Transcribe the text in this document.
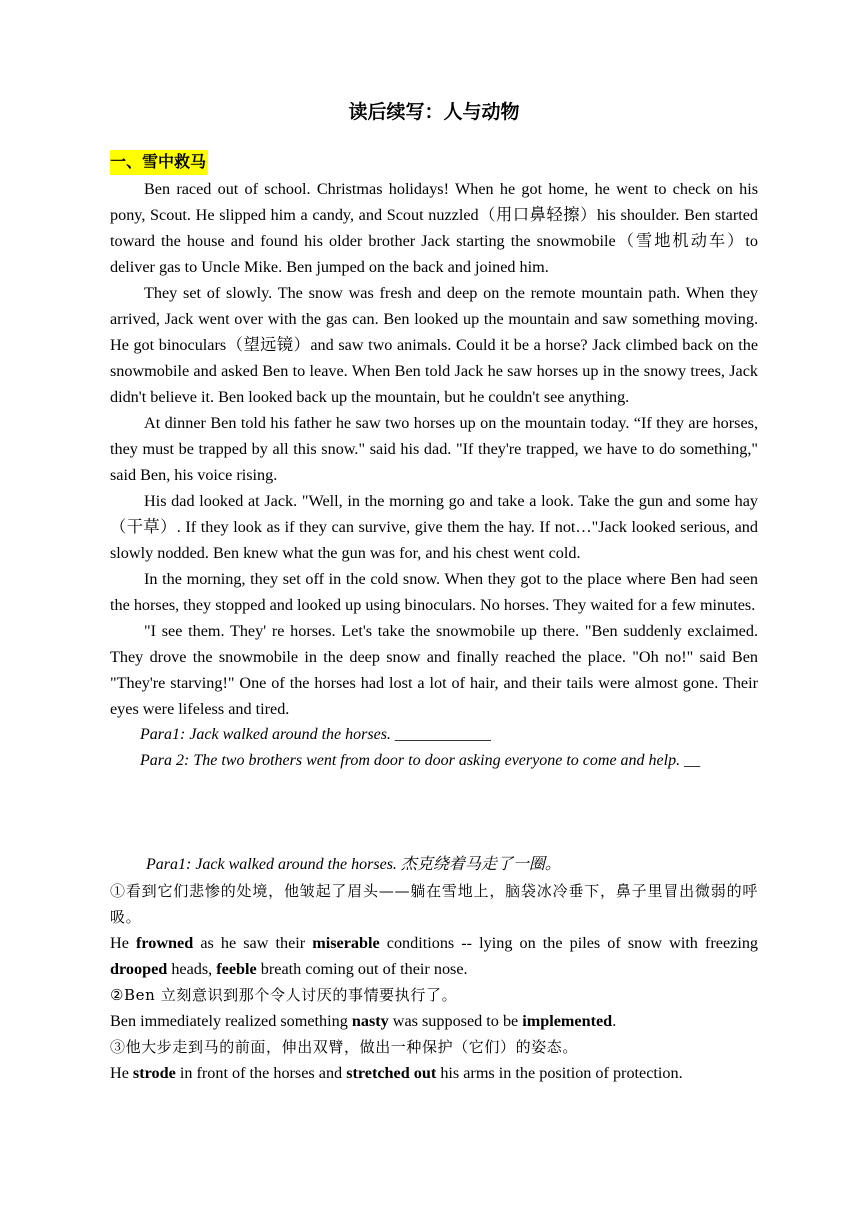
读后续写：人与动物
一、雪中救马

Ben raced out of school. Christmas holidays! When he got home, he went to check on his pony, Scout. He slipped him a candy, and Scout nuzzled（用口鼻轻擦）his shoulder. Ben started toward the house and found his older brother Jack starting the snowmobile（雪地机动车）to deliver gas to Uncle Mike. Ben jumped on the back and joined him.

They set of slowly. The snow was fresh and deep on the remote mountain path. When they arrived, Jack went over with the gas can. Ben looked up the mountain and saw something moving. He got binoculars（望远镜）and saw two animals. Could it be a horse? Jack climbed back on the snowmobile and asked Ben to leave. When Ben told Jack he saw horses up in the snowy trees, Jack didn't believe it. Ben looked back up the mountain, but he couldn't see anything.

At dinner Ben told his father he saw two horses up on the mountain today. “If they are horses, they must be trapped by all this snow." said his dad. "If they're trapped, we have to do something," said Ben, his voice rising.

His dad looked at Jack. "Well, in the morning go and take a look. Take the gun and some hay（干草）. If they look as if they can survive, give them the hay. If not…"Jack looked serious, and slowly nodded. Ben knew what the gun was for, and his chest went cold.

In the morning, they set off in the cold snow. When they got to the place where Ben had seen the horses, they stopped and looked up using binoculars. No horses. They waited for a few minutes.

"I see them. They' re horses. Let's take the snowmobile up there. "Ben suddenly exclaimed. They drove the snowmobile in the deep snow and finally reached the place. "Oh no!" said Ben "They're starving!" One of the horses had lost a lot of hair, and their tails were almost gone. Their eyes were lifeless and tired.

Para1: Jack walked around the horses. ____________
Para 2: The two brothers went from door to door asking everyone to come and help. __

Para1: Jack walked around the horses. 杰克绕着马走了一圈。

①看到它们悲惨的处境，他皱起了眉头——躺在雪地上，脑袋冰冷垂下，鼻子里冒出微弱的呼吸。

He frowned as he saw their miserable conditions -- lying on the piles of snow with freezing drooped heads, feeble breath coming out of their nose.

②Ben 立刻意识到那个令人讨厌的事情要执行了。

Ben immediately realized something nasty was supposed to be implemented.

③他大步走到马的前面，伸出双臂，做出一种保护（它们）的姿态。

He strode in front of the horses and stretched out his arms in the position of protection.
